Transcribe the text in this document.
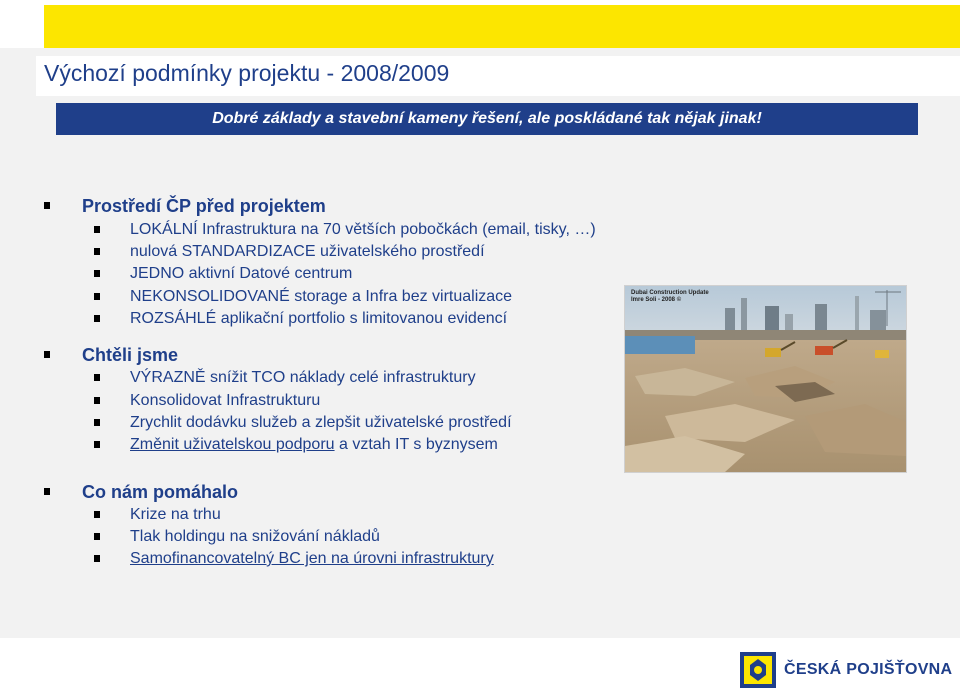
Výchozí podmínky projektu - 2008/2009
Dobré základy a stavební kameny řešení, ale poskládané tak nějak jinak!
Prostředí ČP před projektem
LOKÁLNÍ Infrastruktura na 70 větších pobočkách (email, tisky, …)
nulová STANDARDIZACE uživatelského prostředí
JEDNO aktivní Datové centrum
NEKONSOLIDOVANÉ storage a Infra bez virtualizace
ROZSÁHLÉ aplikační portfolio s limitovanou evidencí
Chtěli jsme
VÝRAZNĚ snížit TCO náklady celé infrastruktury
Konsolidovat Infrastrukturu
Zrychlit dodávku služeb a zlepšit uživatelské prostředí
Změnit uživatelskou podporu a vztah IT s byznysem
Co nám pomáhalo
Krize na trhu
Tlak holdingu na snižování nákladů
Samofinancovatelný BC jen na úrovni infrastruktury
Dubai Construction Update
Imre Soli - 2008 ©
ČESKÁ POJIŠŤOVNA
